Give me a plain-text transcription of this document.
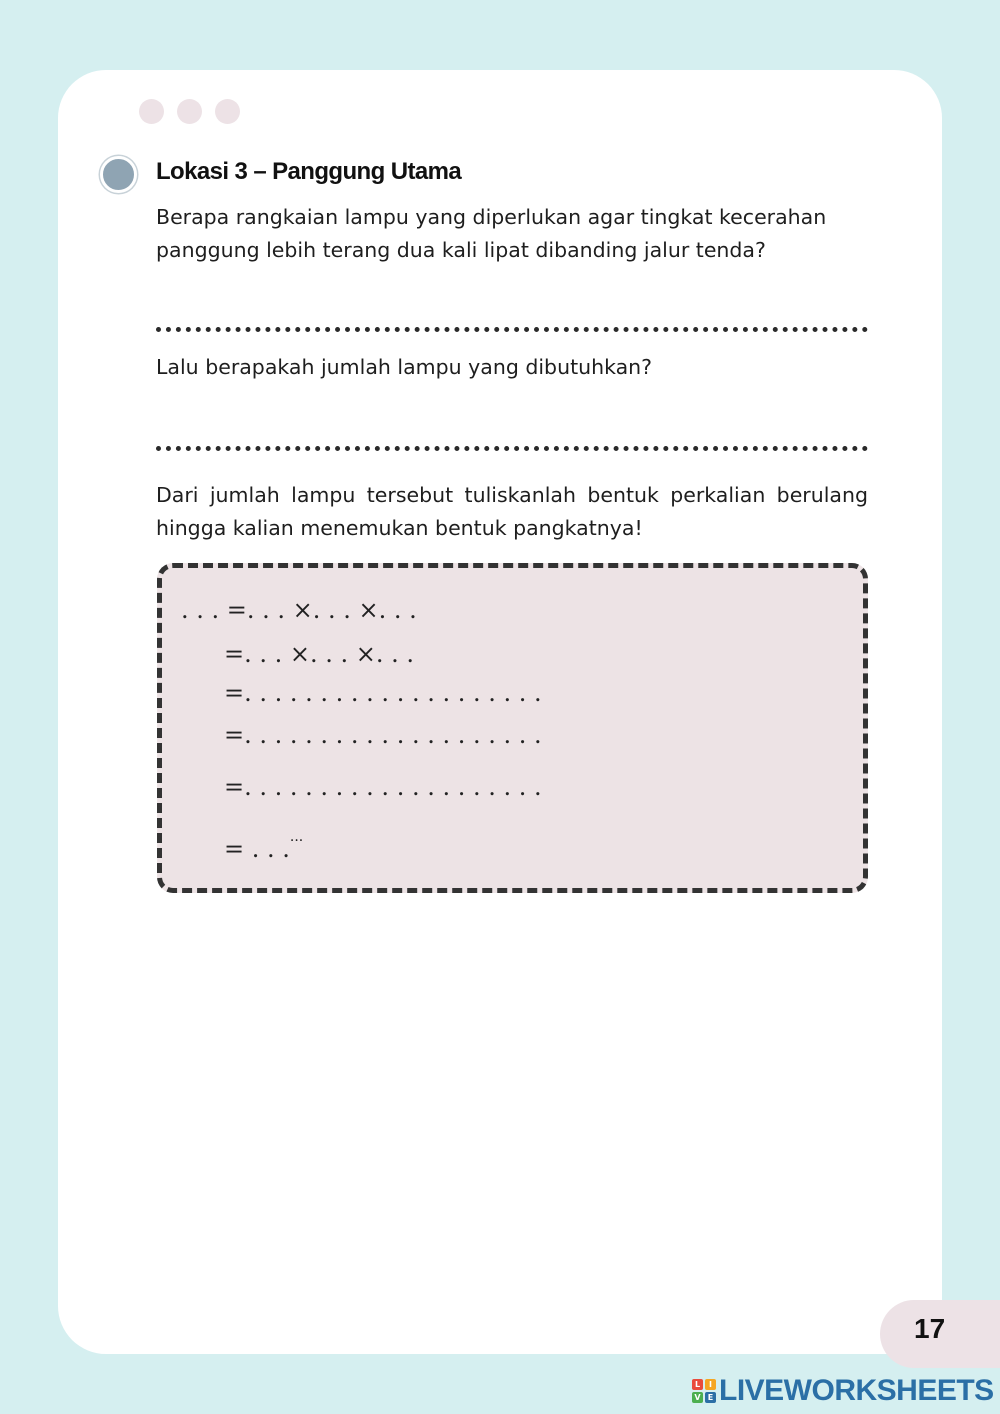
Lokasi 3 – Panggung Utama

Berapa rangkaian lampu yang diperlukan agar tingkat kecerahan panggung lebih terang dua kali lipat dibanding jalur tenda?

Lalu berapakah jumlah lampu yang dibutuhkan?

Dari jumlah lampu tersebut tuliskanlah bentuk perkalian berulang hingga kalian menemukan bentuk pangkatnya!

. . . =. . . ×. . . ×. . .
=. . . ×. . . ×. . .
=. . . . . . . . . . . . . . . . . . . .
=. . . . . . . . . . . . . . . . . . . .
=. . . . . . . . . . . . . . . . . . . .
= . . .···
17
L	I
V E LIVEWORKSHEETS
